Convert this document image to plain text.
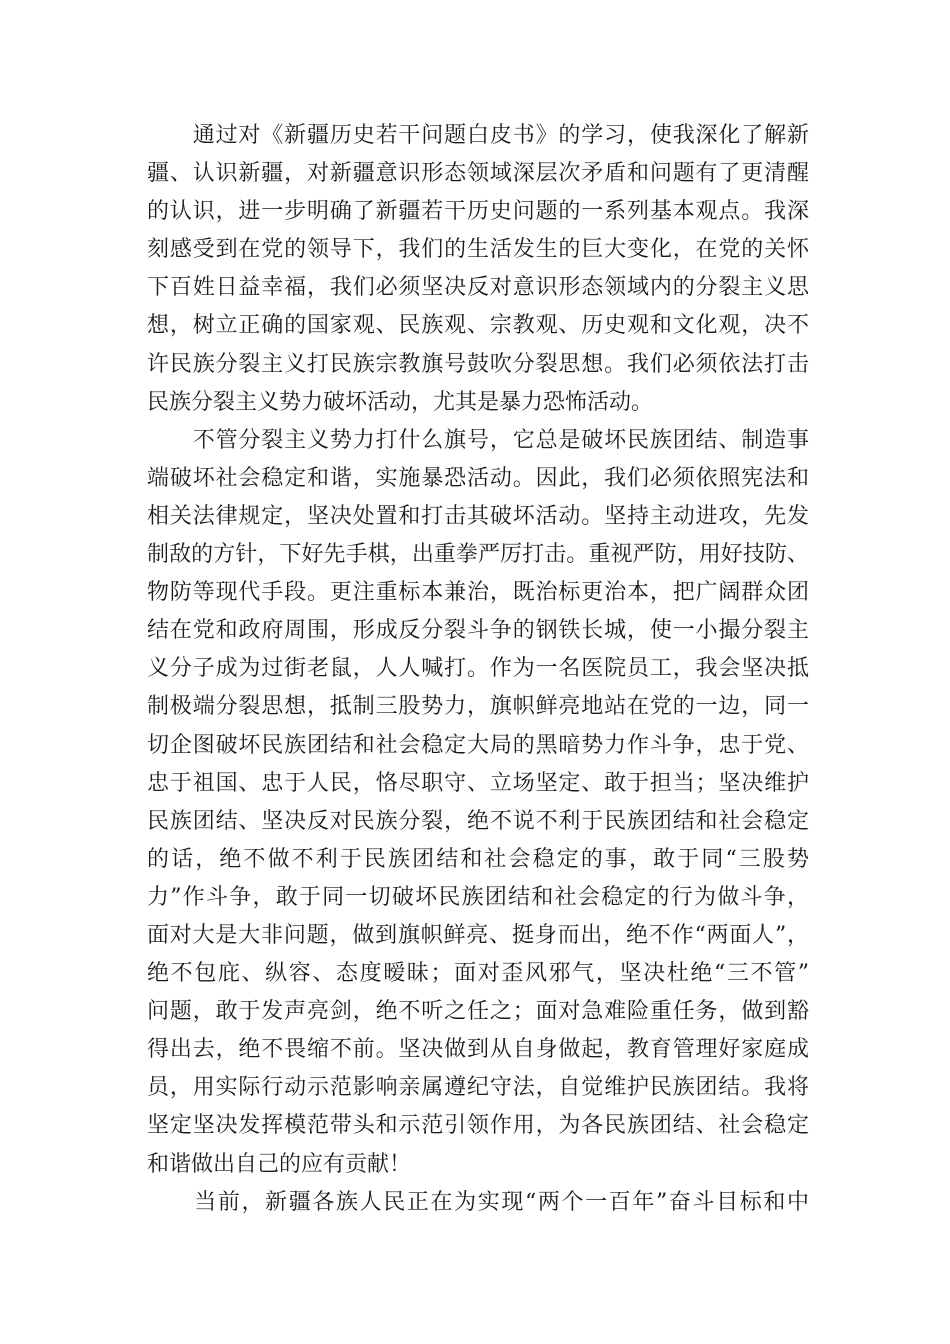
　　通过对《新疆历史若干问题白皮书》的学习，使我深化了解新
疆、认识新疆，对新疆意识形态领域深层次矛盾和问题有了更清醒
的认识，进一步明确了新疆若干历史问题的一系列基本观点。我深
刻感受到在党的领导下，我们的生活发生的巨大变化，在党的关怀
下百姓日益幸福，我们必须坚决反对意识形态领域内的分裂主义思
想，树立正确的国家观、民族观、宗教观、历史观和文化观，决不
许民族分裂主义打民族宗教旗号鼓吹分裂思想。我们必须依法打击
民族分裂主义势力破坏活动，尤其是暴力恐怖活动。
　　不管分裂主义势力打什么旗号，它总是破坏民族团结、制造事
端破坏社会稳定和谐，实施暴恐活动。因此，我们必须依照宪法和
相关法律规定，坚决处置和打击其破坏活动。坚持主动进攻，先发
制敌的方针，下好先手棋，出重拳严厉打击。重视严防，用好技防、
物防等现代手段。更注重标本兼治，既治标更治本，把广阔群众团
结在党和政府周围，形成反分裂斗争的钢铁长城，使一小撮分裂主
义分子成为过街老鼠，人人喊打。作为一名医院员工，我会坚决抵
制极端分裂思想，抵制三股势力，旗帜鲜亮地站在党的一边，同一
切企图破坏民族团结和社会稳定大局的黑暗势力作斗争，忠于党、
忠于祖国、忠于人民，恪尽职守、立场坚定、敢于担当；坚决维护
民族团结、坚决反对民族分裂，绝不说不利于民族团结和社会稳定
的话，绝不做不利于民族团结和社会稳定的事，敢于同“三股势
力”作斗争，敢于同一切破坏民族团结和社会稳定的行为做斗争，
面对大是大非问题，做到旗帜鲜亮、挺身而出，绝不作“两面人”，
绝不包庇、纵容、态度暧昧；面对歪风邪气，坚决杜绝“三不管”
问题，敢于发声亮剑，绝不听之任之；面对急难险重任务，做到豁
得出去，绝不畏缩不前。坚决做到从自身做起，教育管理好家庭成
员，用实际行动示范影响亲属遵纪守法，自觉维护民族团结。我将
坚定坚决发挥模范带头和示范引领作用，为各民族团结、社会稳定
和谐做出自己的应有贡献！
　　当前，新疆各族人民正在为实现“两个一百年”奋斗目标和中
